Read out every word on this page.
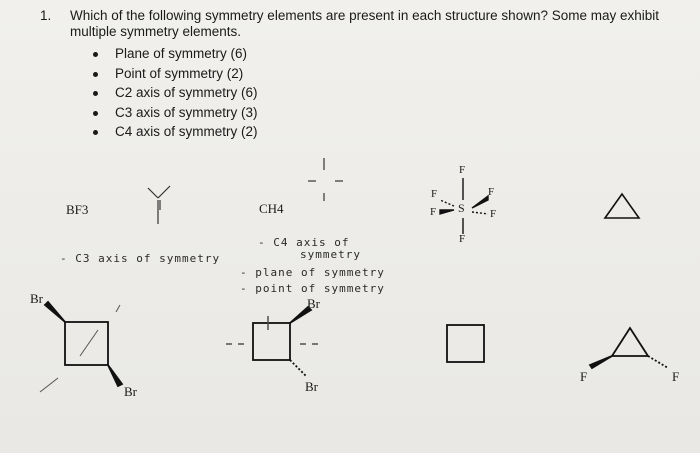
1. Which of the following symmetry elements are present in each structure shown? Some may exhibit multiple symmetry elements.
Plane of symmetry (6)
Point of symmetry (2)
C2 axis of symmetry (6)
C3 axis of symmetry (3)
C4 axis of symmetry (2)
BF3
- C3 axis of symmetry
CH4
- C4 axis of
symmetry
- plane of symmetry
- point of symmetry
F
F	F
S
F	F
F
Br
Br
Br
Br
F	F
